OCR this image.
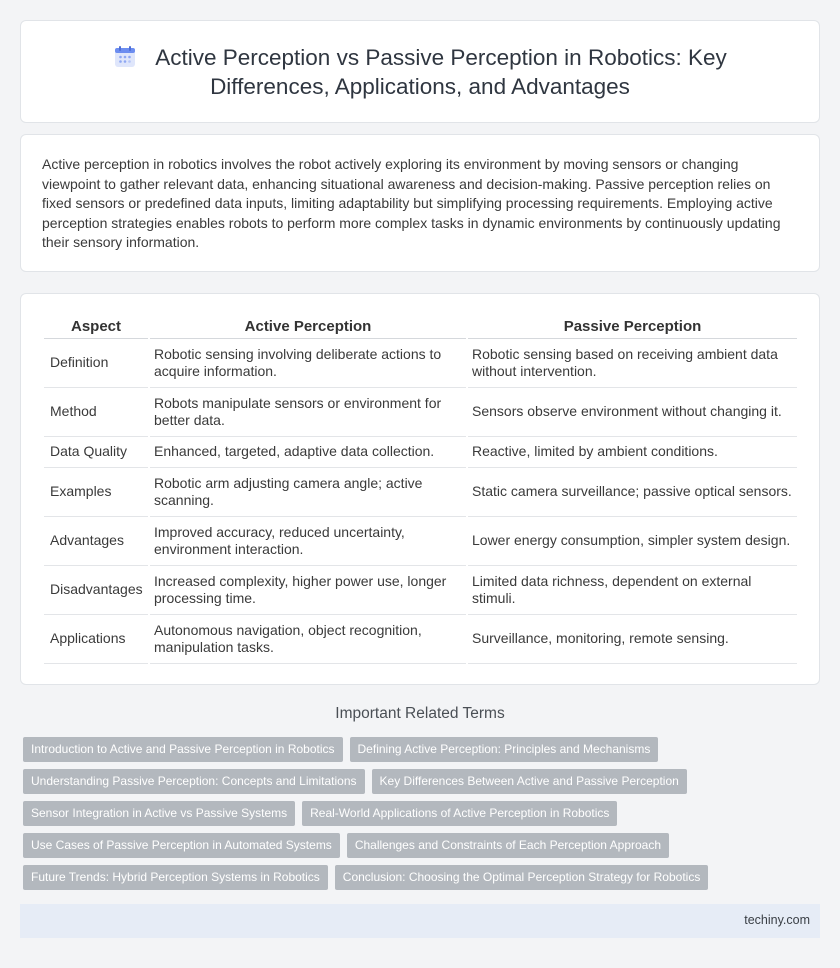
Active Perception vs Passive Perception in Robotics: Key
Differences, Applications, and Advantages

Active perception in robotics involves the robot actively exploring its environment by moving sensors or changing viewpoint to gather relevant data, enhancing situational awareness and decision-making. Passive perception relies on fixed sensors or predefined data inputs, limiting adaptability but simplifying processing requirements. Employing active perception strategies enables robots to perform more complex tasks in dynamic environments by continuously updating their sensory information.

Aspect	Active Perception	Passive Perception
Definition	Robotic sensing involving deliberate actions to acquire information.	Robotic sensing based on receiving ambient data without intervention.
Method	Robots manipulate sensors or environment for better data.	Sensors observe environment without changing it.
Data Quality	Enhanced, targeted, adaptive data collection.	Reactive, limited by ambient conditions.
Examples	Robotic arm adjusting camera angle; active scanning.	Static camera surveillance; passive optical sensors.
Advantages	Improved accuracy, reduced uncertainty, environment interaction.	Lower energy consumption, simpler system design.
Disadvantages	Increased complexity, higher power use, longer processing time.	Limited data richness, dependent on external stimuli.
Applications	Autonomous navigation, object recognition, manipulation tasks.	Surveillance, monitoring, remote sensing.
Important Related Terms
Introduction to Active and Passive Perception in Robotics	Defining Active Perception: Principles and Mechanisms
Understanding Passive Perception: Concepts and Limitations	Key Differences Between Active and Passive Perception
Sensor Integration in Active vs Passive Systems	Real-World Applications of Active Perception in Robotics
Use Cases of Passive Perception in Automated Systems	Challenges and Constraints of Each Perception Approach
Future Trends: Hybrid Perception Systems in Robotics	Conclusion: Choosing the Optimal Perception Strategy for Robotics
techiny.com
